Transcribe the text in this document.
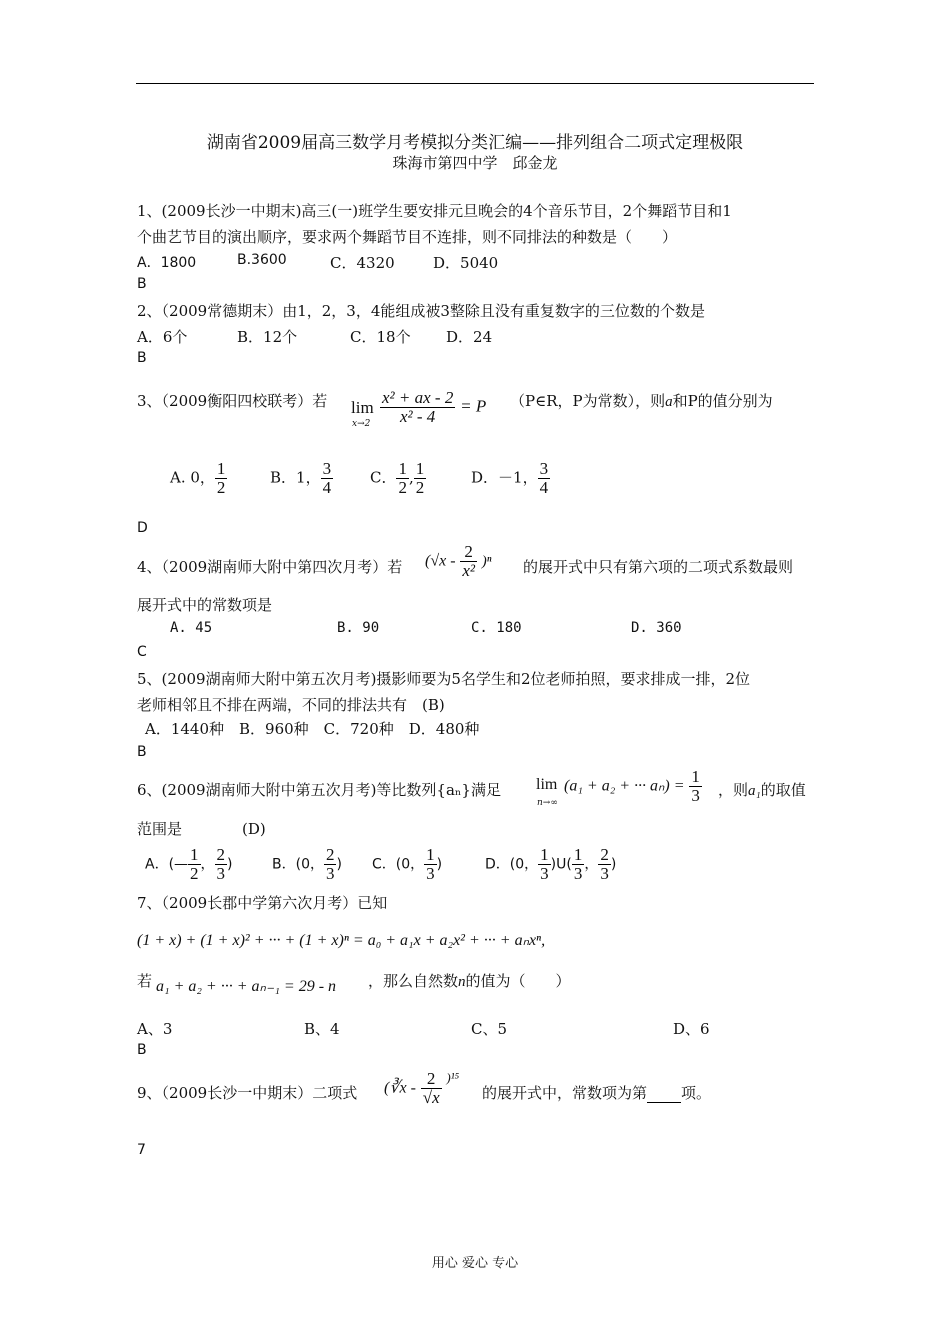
湖南省2009届高三数学月考模拟分类汇编——排列组合二项式定理极限
珠海市第四中学　邱金龙
1、(2009长沙一中期末)高三(一)班学生要安排元旦晚会的4个音乐节目，2个舞蹈节目和1
个曲艺节目的演出顺序，要求两个舞蹈节目不连排，则不同排法的种数是（　　）
A．1800	B.3600	C．4320	D．5040
B
2、（2009常德期末）由1，2，3，4能组成被3整除且没有重复数字的三位数的个数是
A．6个	B．12个	C．18个 D．24
B
3、（2009衡阳四校联考）若 lim
$x\to 2 \frac{\text{x² + ax - 2}}{\text{x² - 4}} = P$ （P∈R，P为常数），则a和P的值分别为
A. 0， $\frac{1}{2}$	B．1， $\frac{3}{4}$ C． $\frac{1}{2}$ , $\frac{1}{2}$	D．－1， $\frac{3}{4}$
D
4、（2009湖南师大附中第四次月考）若 $(√x - \frac{2}{\text{x²}} )^n$ 的展开式中只有第六项的二项式系数最则
展开式中的常数项是
A. 45	B. 90	C. 180	D. 360
C
5、(2009湖南师大附中第五次月考)摄影师要为5名学生和2位老师拍照，要求排成一排，2位
老师相邻且不排在两端，不同的排法共有　(B)
A．1440种　B．960种　C．720种　D．480种
B
6、(2009湖南师大附中第五次月考)等比数列{aₙ}满足 lim
n→∞
(a₁ + a₂ + ··· $a_n) = \frac{1}{3}$ ，则a₁的取值
范围是　　　　(D)
A．(— $\frac{1}{2}$ ， $\frac{2}{3}$ )	B．(0， $\frac{2}{3}$ ) C．(0， $\frac{1}{3}$ )	D．(0， $\frac{1}{3} )U( \frac{1}{3}$ ， $\frac{2}{3}$ )
7、（2009长郡中学第六次月考）已知
(1 + x) + (1 + x)² + ··· + (1 + x)ⁿ = a₀ + a₁x + a₂x² + ··· + aₙxⁿ,
若 a₁ + a₂ + ··· + aₙ₋₁ = 29 - n ，那么自然数n的值为（　　）
A、3	B、4	C、5	D、6
B
9、（2009长沙一中期末）二项式 (∛x - $\frac{2}{√x} )^{15}$
的展开式中，常数项为第 项。
7
用心 爱心 专心
